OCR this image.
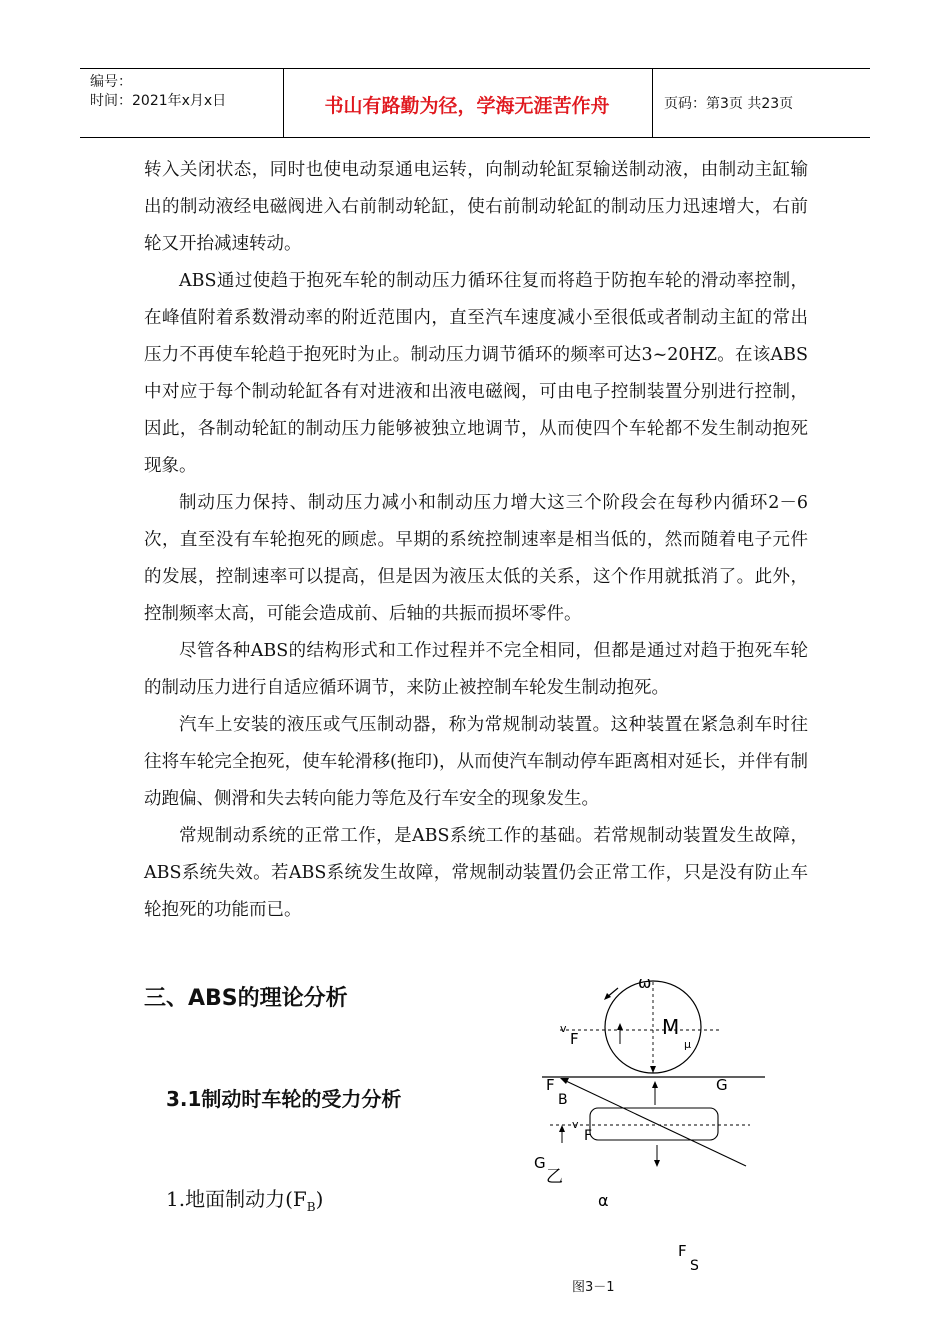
编号：
时间：2021年x月x日	书山有路勤为径，学海无涯苦作舟	页码：第3页 共23页

转入关闭状态，同时也使电动泵通电运转，向制动轮缸泵输送制动液，由制动主缸输出的制动液经电磁阀进入右前制动轮缸，使右前制动轮缸的制动压力迅速增大，右前轮又开抬减速转动。

ABS通过使趋于抱死车轮的制动压力循环往复而将趋于防抱车轮的滑动率控制，在峰值附着系数滑动率的附近范围内，直至汽车速度减小至很低或者制动主缸的常出压力不再使车轮趋于抱死时为止。制动压力调节循环的频率可达3~20HZ。在该ABS中对应于每个制动轮缸各有对进液和出液电磁阀，可由电子控制装置分别进行控制，因此，各制动轮缸的制动压力能够被独立地调节，从而使四个车轮都不发生制动抱死现象。

制动压力保持、制动压力减小和制动压力增大这三个阶段会在每秒内循环2－6次，直至没有车轮抱死的顾虑。早期的系统控制速率是相当低的，然而随着电子元件的发展，控制速率可以提高，但是因为液压太低的关系，这个作用就抵消了。此外，控制频率太高，可能会造成前、后轴的共振而损坏零件。

尽管各种ABS的结构形式和工作过程并不完全相同，但都是通过对趋于抱死车轮的制动压力进行自适应循环调节，来防止被控制车轮发生制动抱死。

汽车上安装的液压或气压制动器，称为常规制动装置。这种装置在紧急刹车时往往将车轮完全抱死，使车轮滑移(拖印)，从而使汽车制动停车距离相对延长，并伴有制动跑偏、侧滑和失去转向能力等危及行车安全的现象发生。

常规制动系统的正常工作，是ABS系统工作的基础。若常规制动装置发生故障，ABS系统失效。若ABS系统发生故障，常规制动装置仍会正常工作，只是没有防止车轮抱死的功能而已。

三、ABS的理论分析
3.1制动时车轮的受力分析
1.地面制动力$(F_B)$
ω
v
F	M
μ
F
B
G
v
F
G
乙
α
F
S
图3－1
